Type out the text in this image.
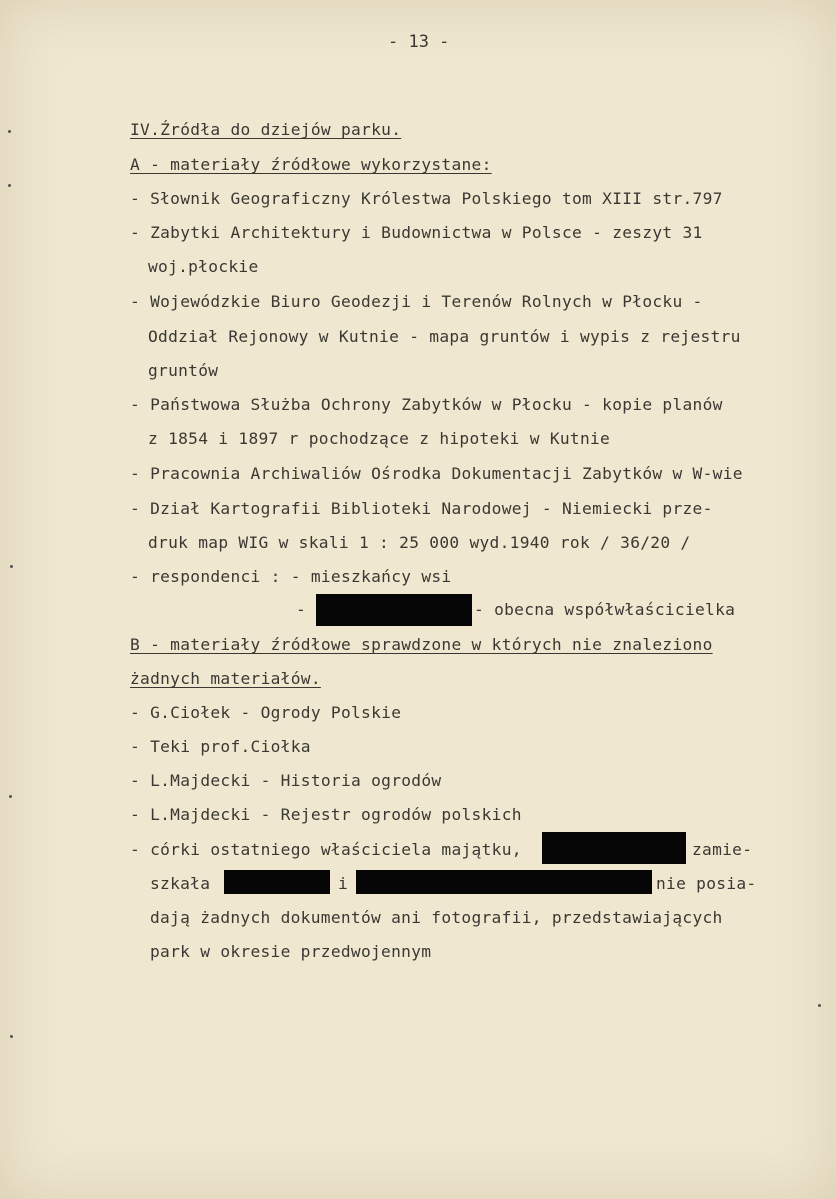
- 13 -
IV.Źródła do dziejów parku.
A - materiały źródłowe wykorzystane:
- Słownik Geograficzny Królestwa Polskiego tom XIII str.797
- Zabytki Architektury i Budownictwa w Polsce - zeszyt 31
woj.płockie
- Wojewódzkie Biuro Geodezji i Terenów Rolnych w Płocku -
Oddział Rejonowy w Kutnie - mapa gruntów i wypis z rejestru
gruntów
- Państwowa Służba Ochrony Zabytków w Płocku - kopie planów
z 1854 i 1897 r pochodzące z hipoteki w Kutnie
- Pracownia Archiwaliów Ośrodka Dokumentacji Zabytków w W-wie
- Dział Kartografii Biblioteki Narodowej - Niemiecki prze-
druk map WIG w skali 1 : 25 000 wyd.1940 rok / 36/20 /
- respondenci : - mieszkańcy wsi
-	- obecna współwłaścicielka
B - materiały źródłowe sprawdzone w których nie znaleziono
żadnych materiałów.
- G.Ciołek - Ogrody Polskie
- Teki prof.Ciołka
- L.Majdecki - Historia ogrodów
- L.Majdecki - Rejestr ogrodów polskich
- córki ostatniego właściciela majątku,	zamie-
szkała	i	nie posia-
dają żadnych dokumentów ani fotografii, przedstawiających
park w okresie przedwojennym
